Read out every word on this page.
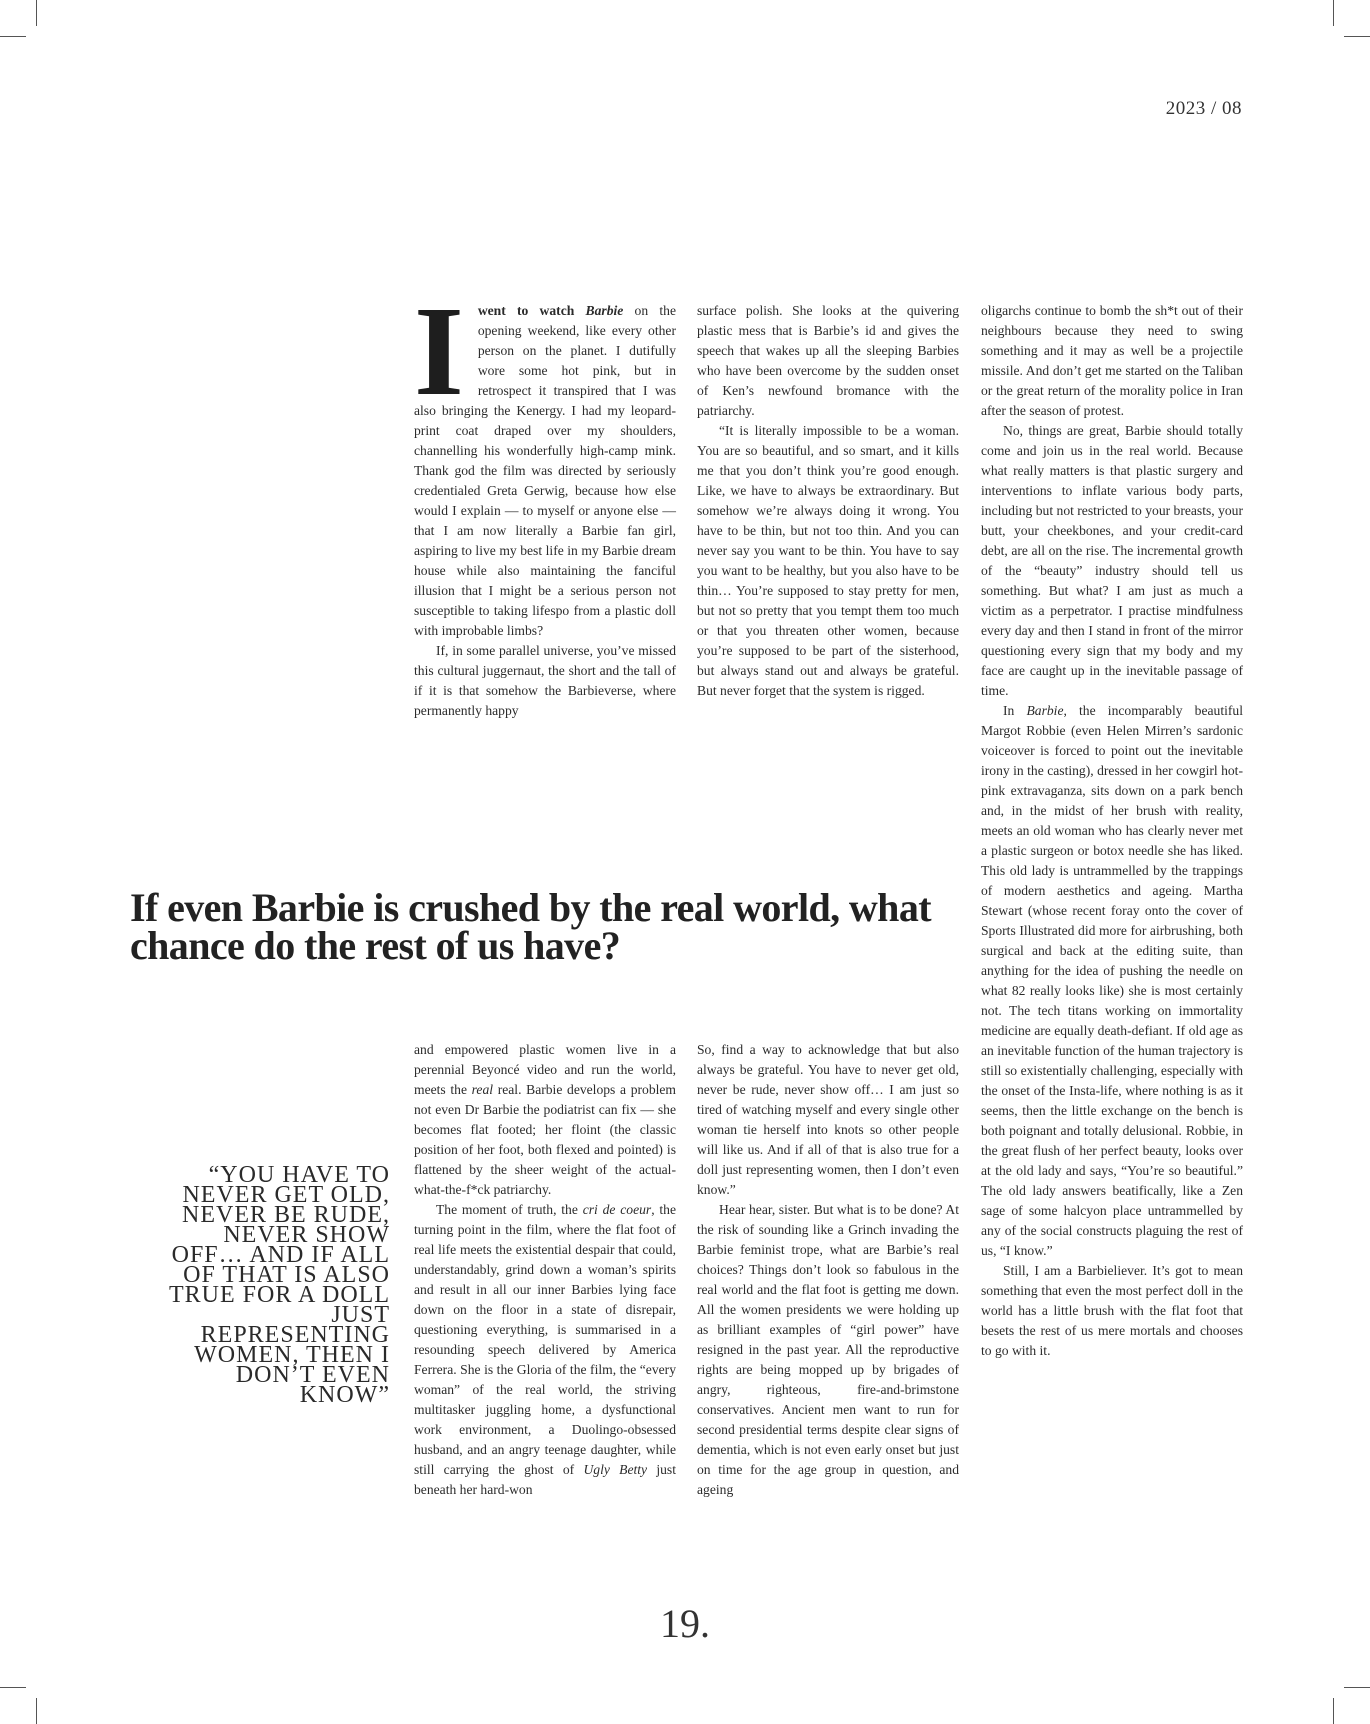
2023 / 08

I went to watch Barbie on the opening weekend, like every other person on the planet. I dutifully wore some hot pink, but in retrospect it transpired that I was also bringing the Kenergy. I had my leopard-print coat draped over my shoulders, channelling his wonderfully high-camp mink. Thank god the film was directed by seriously credentialed Greta Gerwig, because how else would I explain — to myself or anyone else — that I am now literally a Barbie fan girl, aspiring to live my best life in my Barbie dream house while also maintaining the fanciful illusion that I might be a serious person not susceptible to taking lifespo from a plastic doll with improbable limbs?

If, in some parallel universe, you’ve missed this cultural juggernaut, the short and the tall of if it is that somehow the Barbieverse, where permanently happy

surface polish. She looks at the quivering plastic mess that is Barbie’s id and gives the speech that wakes up all the sleeping Barbies who have been overcome by the sudden onset of Ken’s newfound bromance with the patriarchy.

“It is literally impossible to be a woman. You are so beautiful, and so smart, and it kills me that you don’t think you’re good enough. Like, we have to always be extraordinary. But somehow we’re always doing it wrong. You have to be thin, but not too thin. And you can never say you want to be thin. You have to say you want to be healthy, but you also have to be thin… You’re supposed to stay pretty for men, but not so pretty that you tempt them too much or that you threaten other women, because you’re supposed to be part of the sisterhood, but always stand out and always be grateful. But never forget that the system is rigged.

oligarchs continue to bomb the sh*t out of their neighbours because they need to swing something and it may as well be a projectile missile. And don’t get me started on the Taliban or the great return of the morality police in Iran after the season of protest.

No, things are great, Barbie should totally come and join us in the real world. Because what really matters is that plastic surgery and interventions to inflate various body parts, including but not restricted to your breasts, your butt, your cheekbones, and your credit-card debt, are all on the rise. The incremental growth of the “beauty” industry should tell us something. But what? I am just as much a victim as a perpetrator. I practise mindfulness every day and then I stand in front of the mirror questioning every sign that my body and my face are caught up in the inevitable passage of time.

In Barbie, the incomparably beautiful Margot Robbie (even Helen Mirren’s sardonic voiceover is forced to point out the inevitable irony in the casting), dressed in her cowgirl hot-pink extravaganza, sits down on a park bench and, in the midst of her brush with reality, meets an old woman who has clearly never met a plastic surgeon or botox needle she has liked. This old lady is untrammelled by the trappings of modern aesthetics and ageing. Martha Stewart (whose recent foray onto the cover of Sports Illustrated did more for airbrushing, both surgical and back at the editing suite, than anything for the idea of pushing the needle on what 82 really looks like) she is most certainly not. The tech titans working on immortality medicine are equally death-defiant. If old age as an inevitable function of the human trajectory is still so existentially challenging, especially with the onset of the Insta-life, where nothing is as it seems, then the little exchange on the bench is both poignant and totally delusional. Robbie, in the great flush of her perfect beauty, looks over at the old lady and says, “You’re so beautiful.” The old lady answers beatifically, like a Zen sage of some halcyon place untrammelled by any of the social constructs plaguing the rest of us, “I know.”

Still, I am a Barbieliever. It’s got to mean something that even the most perfect doll in the world has a little brush with the flat foot that besets the rest of us mere mortals and chooses to go with it.

If even Barbie is crushed by the real world, what chance do the rest of us have?
“YOU HAVE TO NEVER GET OLD, NEVER BE RUDE, NEVER SHOW OFF… AND IF ALL OF THAT IS ALSO TRUE FOR A DOLL JUST REPRESENTING WOMEN, THEN I DON’T EVEN KNOW”

and empowered plastic women live in a perennial Beyoncé video and run the world, meets the real real. Barbie develops a problem not even Dr Barbie the podiatrist can fix — she becomes flat footed; her floint (the classic position of her foot, both flexed and pointed) is flattened by the sheer weight of the actual-what-the-f*ck patriarchy.

The moment of truth, the cri de coeur, the turning point in the film, where the flat foot of real life meets the existential despair that could, understandably, grind down a woman’s spirits and result in all our inner Barbies lying face down on the floor in a state of disrepair, questioning everything, is summarised in a resounding speech delivered by America Ferrera. She is the Gloria of the film, the “every woman” of the real world, the striving multitasker juggling home, a dysfunctional work environment, a Duolingo-obsessed husband, and an angry teenage daughter, while still carrying the ghost of Ugly Betty just beneath her hard-won

So, find a way to acknowledge that but also always be grateful. You have to never get old, never be rude, never show off… I am just so tired of watching myself and every single other woman tie herself into knots so other people will like us. And if all of that is also true for a doll just representing women, then I don’t even know.”

Hear hear, sister. But what is to be done? At the risk of sounding like a Grinch invading the Barbie feminist trope, what are Barbie’s real choices? Things don’t look so fabulous in the real world and the flat foot is getting me down. All the women presidents we were holding up as brilliant examples of “girl power” have resigned in the past year. All the reproductive rights are being mopped up by brigades of angry, righteous, fire-and-brimstone conservatives. Ancient men want to run for second presidential terms despite clear signs of dementia, which is not even early onset but just on time for the age group in question, and ageing

19.
